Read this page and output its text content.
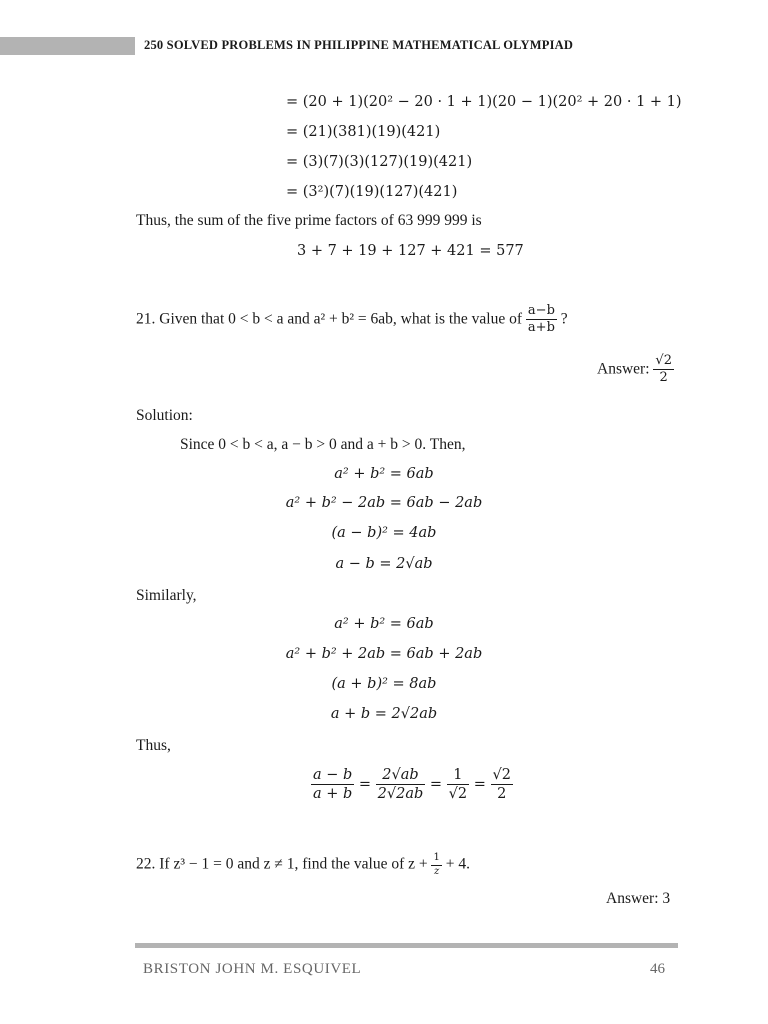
250 SOLVED PROBLEMS IN PHILIPPINE MATHEMATICAL OLYMPIAD
= (20 + 1)(20² − 20 · 1 + 1)(20 − 1)(20² + 20 · 1 + 1)
= (21)(381)(19)(421)
= (3)(7)(3)(127)(19)(421)
= (3²)(7)(19)(127)(421)
Thus, the sum of the five prime factors of 63 999 999 is
3 + 7 + 19 + 127 + 421 = 577
21. Given that 0 < b < a and a² + b² = 6ab, what is the value of $\frac{a-b}{a+b}$ ?
Answer: $\frac{√2}{2}$
Solution:
Since 0 < b < a, a − b > 0 and a + b > 0. Then,
a² + b² = 6ab
a² + b² − 2ab = 6ab − 2ab
(a − b)² = 4ab
a − b = 2√ab
Similarly,
a² + b² = 6ab
a² + b² + 2ab = 6ab + 2ab
(a + b)² = 8ab
a + b = 2√2ab
Thus,
$\frac{a - b}{a + b} = \frac{2√ab}{2√2ab} = \frac{1}{√2} = \frac{√2}{2}$
22. If z³ − 1 = 0 and z ≠ 1, find the value of $z + \frac{1}{z} + 4$.
Answer: 3
BRISTON JOHN M. ESQUIVEL	46
